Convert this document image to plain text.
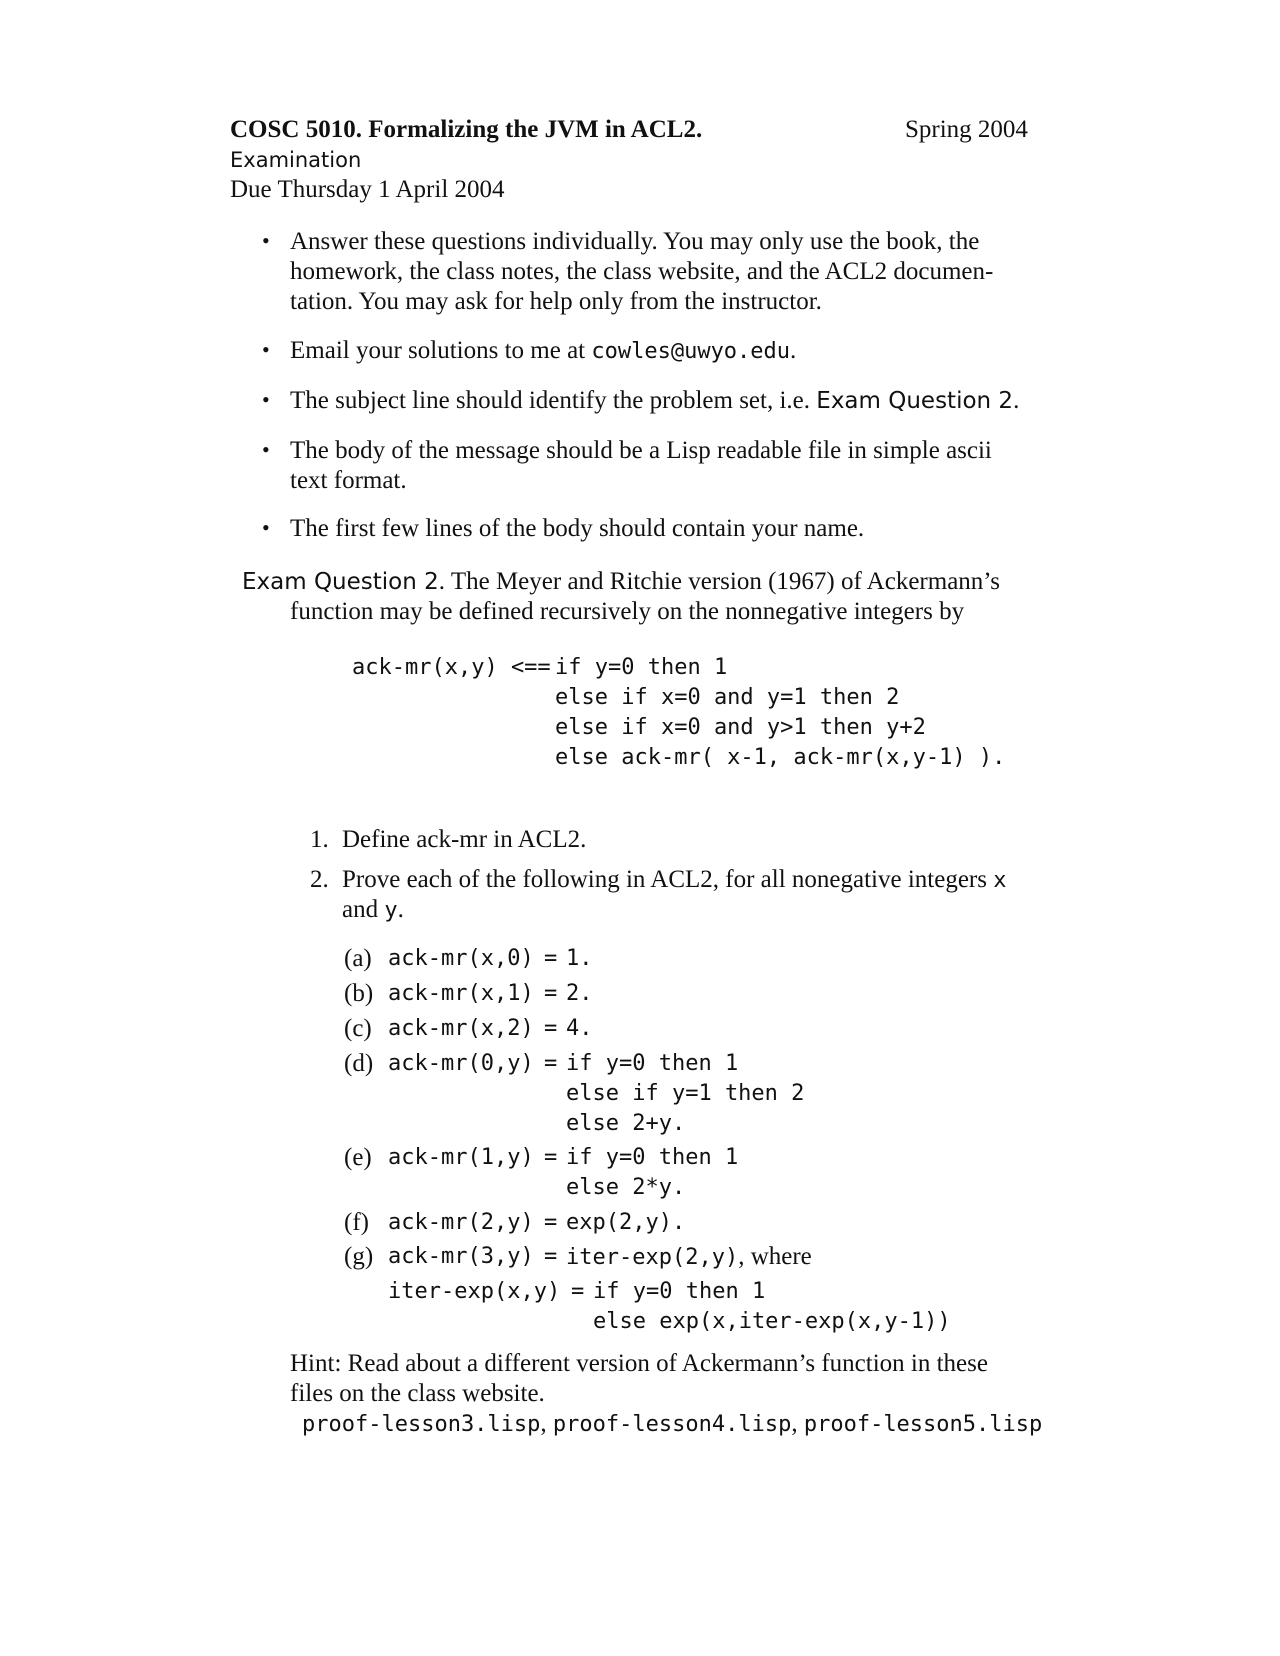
COSC 5010. Formalizing the JVM in ACL2.	Spring 2004
Examination
Due Thursday 1 April 2004
• Answer these questions individually. You may only use the book, the
homework, the class notes, the class website, and the ACL2 documen-
tation. You may ask for help only from the instructor.
• Email your solutions to me at cowles@uwyo.edu.
• The subject line should identify the problem set, i.e. Exam Question 2.
• The body of the message should be a Lisp readable file in simple ascii
text format.
• The first few lines of the body should contain your name.
Exam Question 2. The Meyer and Ritchie version (1967) of Ackermann’s
function may be defined recursively on the nonnegative integers by
ack-mr(x,y) <== if y=0 then 1
else if x=0 and y=1 then 2
else if x=0 and y>1 then y+2
else ack-mr( x-1, ack-mr(x,y-1) ).
1. Define ack-mr in ACL2.
2. Prove each of the following in ACL2, for all nonegative integers x
and y.
(a) ack-mr(x,0) = 1.
(b) ack-mr(x,1) = 2.
(c) ack-mr(x,2) = 4.
(d) ack-mr(0,y) = if y=0 then 1
else if y=1 then 2
else 2+y.
(e) ack-mr(1,y) = if y=0 then 1
else 2*y.
(f) ack-mr(2,y) = exp(2,y).
(g) ack-mr(3,y) = iter-exp(2,y), where
iter-exp(x,y) = if y=0 then 1
else exp(x,iter-exp(x,y-1))
Hint: Read about a different version of Ackermann’s function in these
files on the class website.
proof-lesson3.lisp, proof-lesson4.lisp, proof-lesson5.lisp
